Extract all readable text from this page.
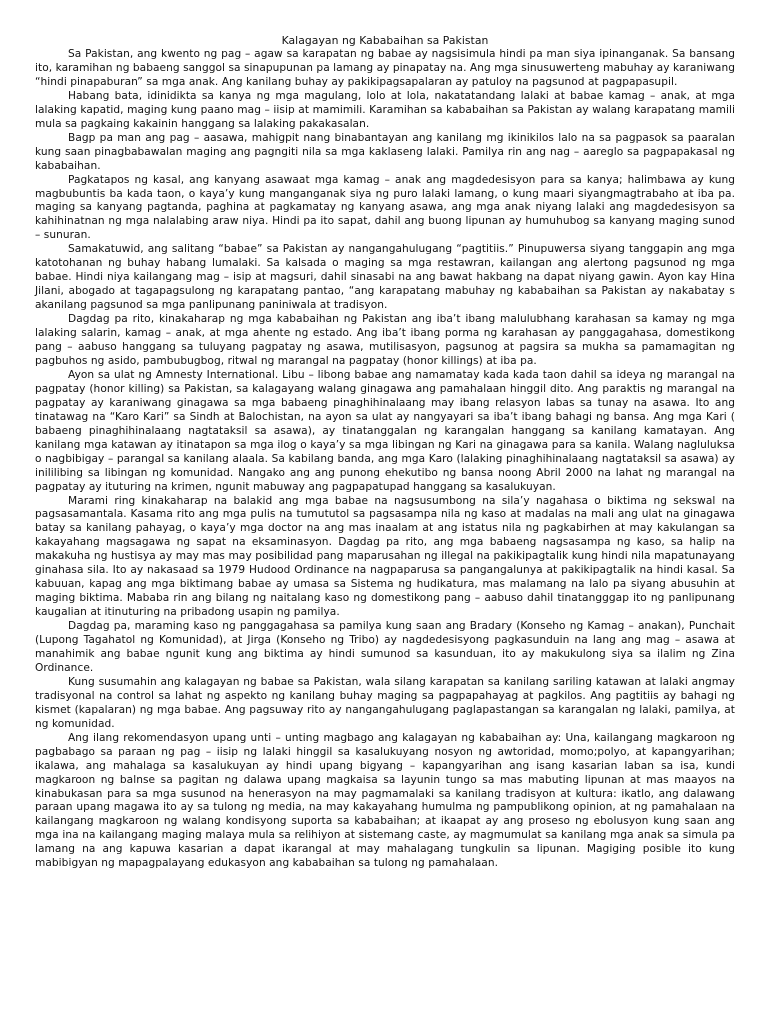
Kalagayan ng Kababaihan sa Pakistan

Sa Pakistan, ang kwento ng pag – agaw sa karapatan ng babae ay nagsisimula hindi pa man siya ipinanganak. Sa bansang ito, karamihan ng babaeng sanggol sa sinapupunan pa lamang ay pinapatay na. Ang mga sinusuwerteng mabuhay ay karaniwang “hindi pinapaburan” sa mga anak. Ang kanilang buhay ay pakikipagsapalaran ay patuloy na pagsunod at pagpapasupil.

Habang bata, idinidikta sa kanya ng mga magulang, lolo at lola, nakatatandang lalaki at babae kamag – anak, at mga lalaking kapatid, maging kung paano mag – iisip at mamimili. Karamihan sa kababaihan sa Pakistan ay walang karapatang mamili mula sa pagkaing kakainin hanggang sa lalaking pakakasalan.

Bagp pa man ang pag – aasawa, mahigpit nang binabantayan ang kanilang mg ikinikilos lalo na sa pagpasok sa paaralan kung saan pinagbabawalan maging ang pagngiti nila sa mga kaklaseng lalaki. Pamilya rin ang nag – aareglo sa pagpapakasal ng kababaihan.

Pagkatapos ng kasal, ang kanyang asawaat mga kamag – anak ang magdedesisyon para sa kanya; halimbawa ay kung magbubuntis ba kada taon, o kaya’y kung manganganak siya ng puro lalaki lamang, o kung maari siyangmagtrabaho at iba pa. maging sa kanyang pagtanda, paghina at pagkamatay ng kanyang asawa, ang mga anak niyang lalaki ang magdedesisyon sa kahihinatnan ng mga nalalabing araw niya. Hindi pa ito sapat, dahil ang buong lipunan ay humuhubog sa kanyang maging sunod – sunuran.

Samakatuwid, ang salitang “babae” sa Pakistan ay nangangahulugang “pagtitiis.” Pinupuwersa siyang tanggapin ang mga katotohanan ng buhay habang lumalaki. Sa kalsada o maging sa mga restawran, kailangan ang alertong pagsunod ng mga babae. Hindi niya kailangang mag – isip at magsuri, dahil sinasabi na ang bawat hakbang na dapat niyang gawin. Ayon kay Hina Jilani, abogado at tagapagsulong ng karapatang pantao, “ang karapatang mabuhay ng kababaihan sa Pakistan ay nakabatay s akanilang pagsunod sa mga panlipunang paniniwala at tradisyon.

Dagdag pa rito, kinakaharap ng mga kababaihan ng Pakistan ang iba’t ibang malulubhang karahasan sa kamay ng mga lalaking salarin, kamag – anak, at mga ahente ng estado. Ang iba’t ibang porma ng karahasan ay panggagahasa, domestikong pang – aabuso hanggang sa tuluyang pagpatay ng asawa, mutilisasyon, pagsunog at pagsira sa mukha sa pamamagitan ng pagbuhos ng asido, pambubugbog, ritwal ng marangal na pagpatay (honor killings) at iba pa.

Ayon sa ulat ng Amnesty International. Libu – libong babae ang namamatay kada kada taon dahil sa ideya ng marangal na pagpatay (honor killing) sa Pakistan, sa kalagayang walang ginagawa ang pamahalaan hinggil dito. Ang paraktis ng marangal na pagpatay ay karaniwang ginagawa sa mga babaeng pinaghihinalaang may ibang relasyon labas sa tunay na asawa. Ito ang tinatawag na “Karo Kari” sa Sindh at Balochistan, na ayon sa ulat ay nangyayari sa iba’t ibang bahagi ng bansa. Ang mga Kari ( babaeng pinaghihinalaang nagtataksil sa asawa), ay tinatanggalan ng karangalan hanggang sa kanilang kamatayan. Ang kanilang mga katawan ay itinatapon sa mga ilog o kaya’y sa mga libingan ng Kari na ginagawa para sa kanila. Walang nagluluksa o nagbibigay – parangal sa kanilang alaala. Sa kabilang banda, ang mga Karo (lalaking pinaghihinalaang nagtataksil sa asawa) ay inililibing sa libingan ng komunidad. Nangako ang ang punong ehekutibo ng bansa noong Abril 2000 na lahat ng marangal na pagpatay ay ituturing na krimen, ngunit mabuway ang pagpapatupad hanggang sa kasalukuyan.

Marami ring kinakaharap na balakid ang mga babae na nagsusumbong na sila’y nagahasa o biktima ng sekswal na pagsasamantala. Kasama rito ang mga pulis na tumututol sa pagsasampa nila ng kaso at madalas na mali ang ulat na ginagawa batay sa kanilang pahayag, o kaya’y mga doctor na ang mas inaalam at ang istatus nila ng pagkabirhen at may kakulangan sa kakayahang magsagawa ng sapat na eksaminasyon. Dagdag pa rito, ang mga babaeng nagsasampa ng kaso, sa halip na makakuha ng hustisya ay may mas may posibilidad pang maparusahan ng illegal na pakikipagtalik kung hindi nila mapatunayang ginahasa sila. Ito ay nakasaad sa 1979 Hudood Ordinance na nagpaparusa sa pangangalunya at pakikipagtalik na hindi kasal. Sa kabuuan, kapag ang mga biktimang babae ay umasa sa Sistema ng hudikatura, mas malamang na lalo pa siyang abusuhin at maging biktima. Mababa rin ang bilang ng naitalang kaso ng domestikong pang – aabuso dahil tinatangggap ito ng panlipunang kaugalian at itinuturing na pribadong usapin ng pamilya.

Dagdag pa, maraming kaso ng panggagahasa sa pamilya kung saan ang Bradary (Konseho ng Kamag – anakan), Punchait (Lupong Tagahatol ng Komunidad), at Jirga (Konseho ng Tribo) ay nagdedesisyong pagkasunduin na lang ang mag – asawa at manahimik ang babae ngunit kung ang biktima ay hindi sumunod sa kasunduan, ito ay makukulong siya sa ilalim ng Zina Ordinance.

Kung susumahin ang kalagayan ng babae sa Pakistan, wala silang karapatan sa kanilang sariling katawan at lalaki angmay tradisyonal na control sa lahat ng aspekto ng kanilang buhay maging sa pagpapahayag at pagkilos. Ang pagtitiis ay bahagi ng kismet (kapalaran) ng mga babae. Ang pagsuway rito ay nangangahulugang paglapastangan sa karangalan ng lalaki, pamilya, at ng komunidad.

Ang ilang rekomendasyon upang unti – unting magbago ang kalagayan ng kababaihan ay: Una, kailangang magkaroon ng pagbabago sa paraan ng pag – iisip ng lalaki hinggil sa kasalukuyang nosyon ng awtoridad, momo;polyo, at kapangyarihan; ikalawa, ang mahalaga sa kasalukuyan ay hindi upang bigyang – kapangyarihan ang isang kasarian laban sa isa, kundi magkaroon ng balnse sa pagitan ng dalawa upang magkaisa sa layunin tungo sa mas mabuting lipunan at mas maayos na kinabukasan para sa mga susunod na henerasyon na may pagmamalaki sa kanilang tradisyon at kultura: ikatlo, ang dalawang paraan upang magawa ito ay sa tulong ng media, na may kakayahang humulma ng pampublikong opinion, at ng pamahalaan na kailangang magkaroon ng walang kondisyong suporta sa kababaihan; at ikaapat ay ang proseso ng ebolusyon kung saan ang mga ina na kailangang maging malaya mula sa relihiyon at sistemang caste, ay magmumulat sa kanilang mga anak sa simula pa lamang na ang kapuwa kasarian a dapat ikarangal at may mahalagang tungkulin sa lipunan. Magiging posible ito kung mabibigyan ng mapagpalayang edukasyon ang kababaihan sa tulong ng pamahalaan.
